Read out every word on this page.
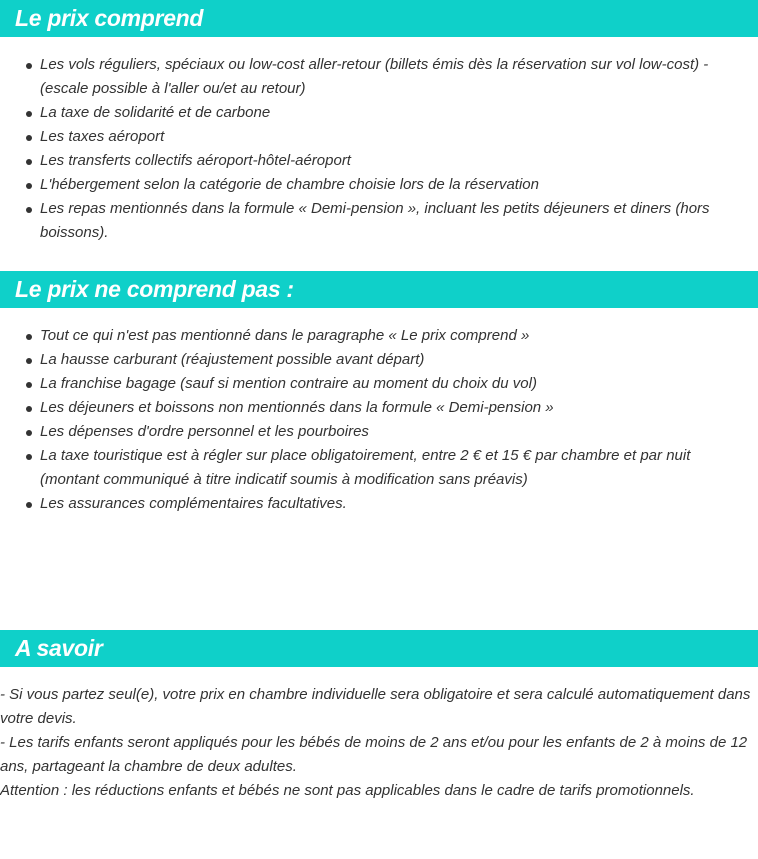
Le prix comprend
Les vols réguliers, spéciaux ou low-cost aller-retour (billets émis dès la réservation sur vol low-cost) - (escale possible à l'aller ou/et au retour)
La taxe de solidarité et de carbone
Les taxes aéroport
Les transferts collectifs aéroport-hôtel-aéroport
L'hébergement selon la catégorie de chambre choisie lors de la réservation
Les repas mentionnés dans la formule « Demi-pension », incluant les petits déjeuners et diners (hors boissons).
Le prix ne comprend pas :
Tout ce qui n'est pas mentionné dans le paragraphe « Le prix comprend »
La hausse carburant (réajustement possible avant départ)
La franchise bagage (sauf si mention contraire au moment du choix du vol)
Les déjeuners et boissons non mentionnés dans la formule « Demi-pension »
Les dépenses d'ordre personnel et les pourboires
La taxe touristique est à régler sur place obligatoirement, entre 2 € et 15 € par chambre et par nuit (montant communiqué à titre indicatif soumis à modification sans préavis)
Les assurances complémentaires facultatives.
A savoir
- Si vous partez seul(e), votre prix en chambre individuelle sera obligatoire et sera calculé automatiquement dans votre devis.
- Les tarifs enfants seront appliqués pour les bébés de moins de 2 ans et/ou pour les enfants de 2 à moins de 12 ans, partageant la chambre de deux adultes.
Attention : les réductions enfants et bébés ne sont pas applicables dans le cadre de tarifs promotionnels.
